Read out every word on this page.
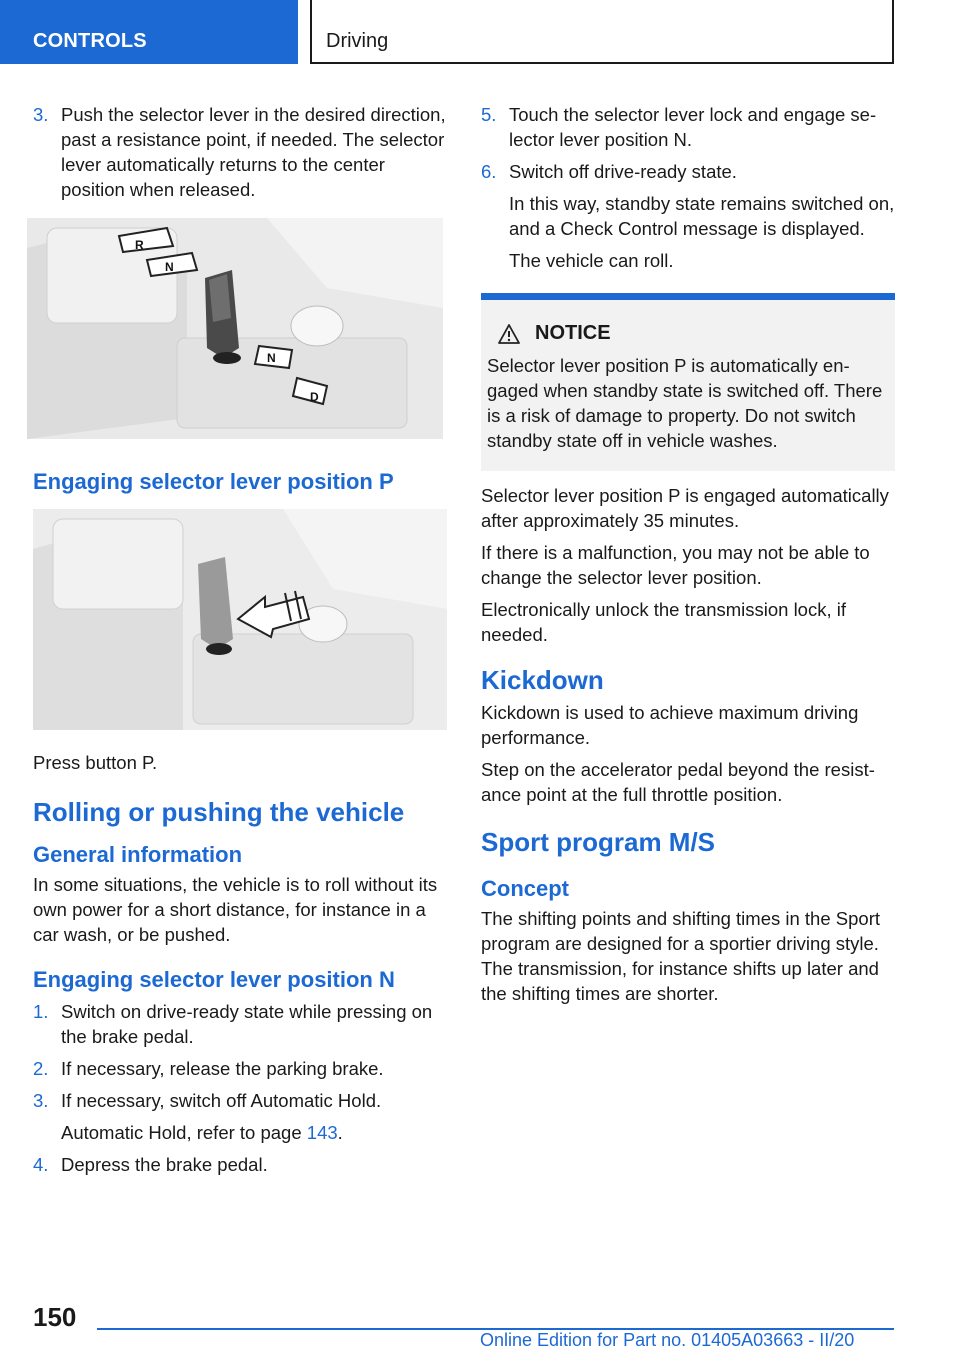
CONTROLS	Driving
3. Push the selector lever in the desired direction, past a resistance point, if needed. The selector lever automatically returns to the center position when released.
R
N
N
D
Engaging selector lever position P
Press button P.
Rolling or pushing the vehicle
General information
In some situations, the vehicle is to roll without its own power for a short distance, for instance in a car wash, or be pushed.
Engaging selector lever position N
1. Switch on drive-ready state while pressing on the brake pedal.
2. If necessary, release the parking brake.
3. If necessary, switch off Automatic Hold.
Automatic Hold, refer to page 143.
4. Depress the brake pedal.
5. Touch the selector lever lock and engage selector lever position N.
6. Switch off drive-ready state.
In this way, standby state remains switched on, and a Check Control message is displayed.
The vehicle can roll.
NOTICE
Selector lever position P is automatically engaged when standby state is switched off. There is a risk of damage to property. Do not switch standby state off in vehicle washes.
Selector lever position P is engaged automatically after approximately 35 minutes.
If there is a malfunction, you may not be able to change the selector lever position.
Electronically unlock the transmission lock, if needed.
Kickdown
Kickdown is used to achieve maximum driving performance.
Step on the accelerator pedal beyond the resistance point at the full throttle position.
Sport program M/S
Concept
The shifting points and shifting times in the Sport program are designed for a sportier driving style. The transmission, for instance shifts up later and the shifting times are shorter.
150
Online Edition for Part no. 01405A03663 - II/20
